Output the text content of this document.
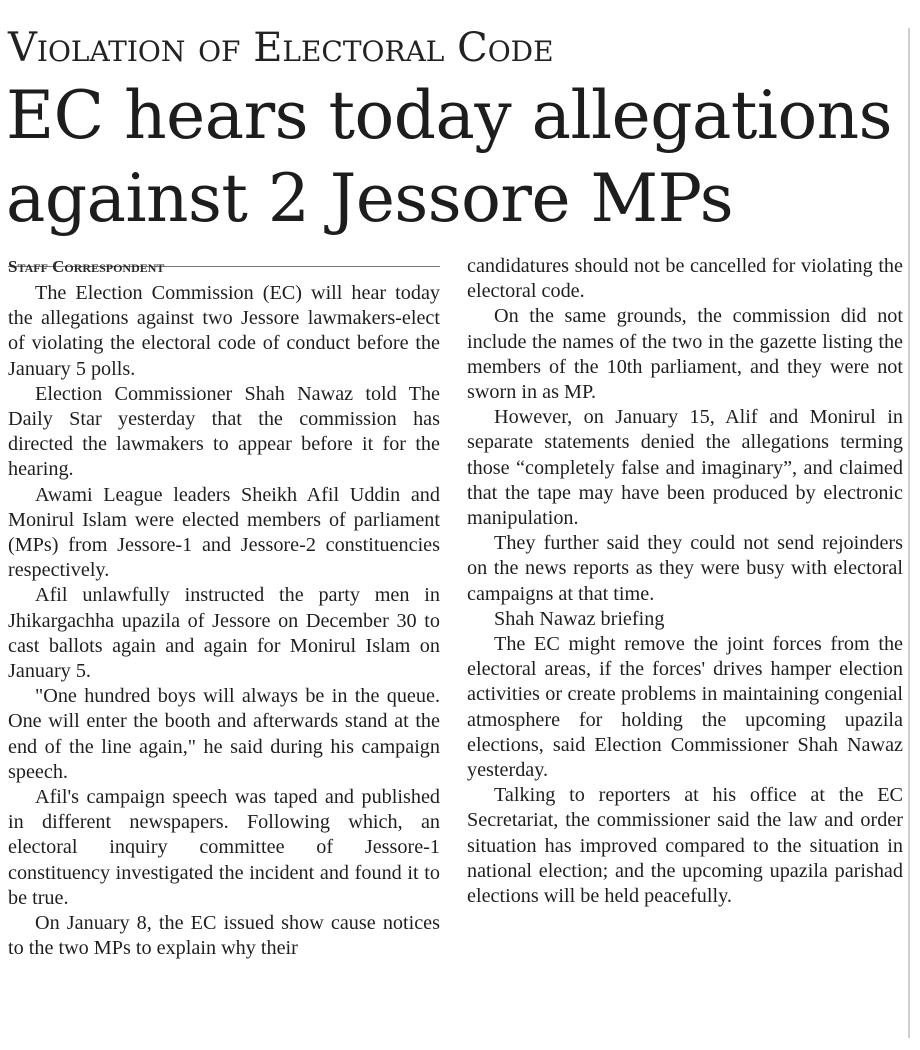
Violation of Electoral Code
EC hears today allegations
against 2 Jessore MPs

Staff Correspondent

The Election Commission (EC) will hear today the allegations against two Jessore lawmakers-elect of violating the electoral code of conduct before the January 5 polls.

Election Commissioner Shah Nawaz told The Daily Star yesterday that the commission has directed the lawmakers to appear before it for the hearing.

Awami League leaders Sheikh Afil Uddin and Monirul Islam were elected members of parliament (MPs) from Jessore-1 and Jessore-2 constituencies respectively.

Afil unlawfully instructed the party men in Jhikargachha upazila of Jessore on December 30 to cast ballots again and again for Monirul Islam on January 5.

"One hundred boys will always be in the queue. One will enter the booth and afterwards stand at the end of the line again," he said during his campaign speech.

Afil's campaign speech was taped and published in different newspapers. Following which, an electoral inquiry committee of Jessore-1 constituency investigated the incident and found it to be true.

On January 8, the EC issued show cause notices to the two MPs to explain why their

candidatures should not be cancelled for violating the electoral code.

On the same grounds, the commission did not include the names of the two in the gazette listing the members of the 10th parliament, and they were not sworn in as MP.

However, on January 15, Alif and Monirul in separate statements denied the allegations terming those “completely false and imaginary”, and claimed that the tape may have been produced by electronic manipulation.

They further said they could not send rejoinders on the news reports as they were busy with electoral campaigns at that time.

Shah Nawaz briefing

The EC might remove the joint forces from the electoral areas, if the forces' drives hamper election activities or create problems in maintaining congenial atmosphere for holding the upcoming upazila elections, said Election Commissioner Shah Nawaz yesterday.

Talking to reporters at his office at the EC Secretariat, the commissioner said the law and order situation has improved compared to the situation in national election; and the upcoming upazila parishad elections will be held peacefully.
